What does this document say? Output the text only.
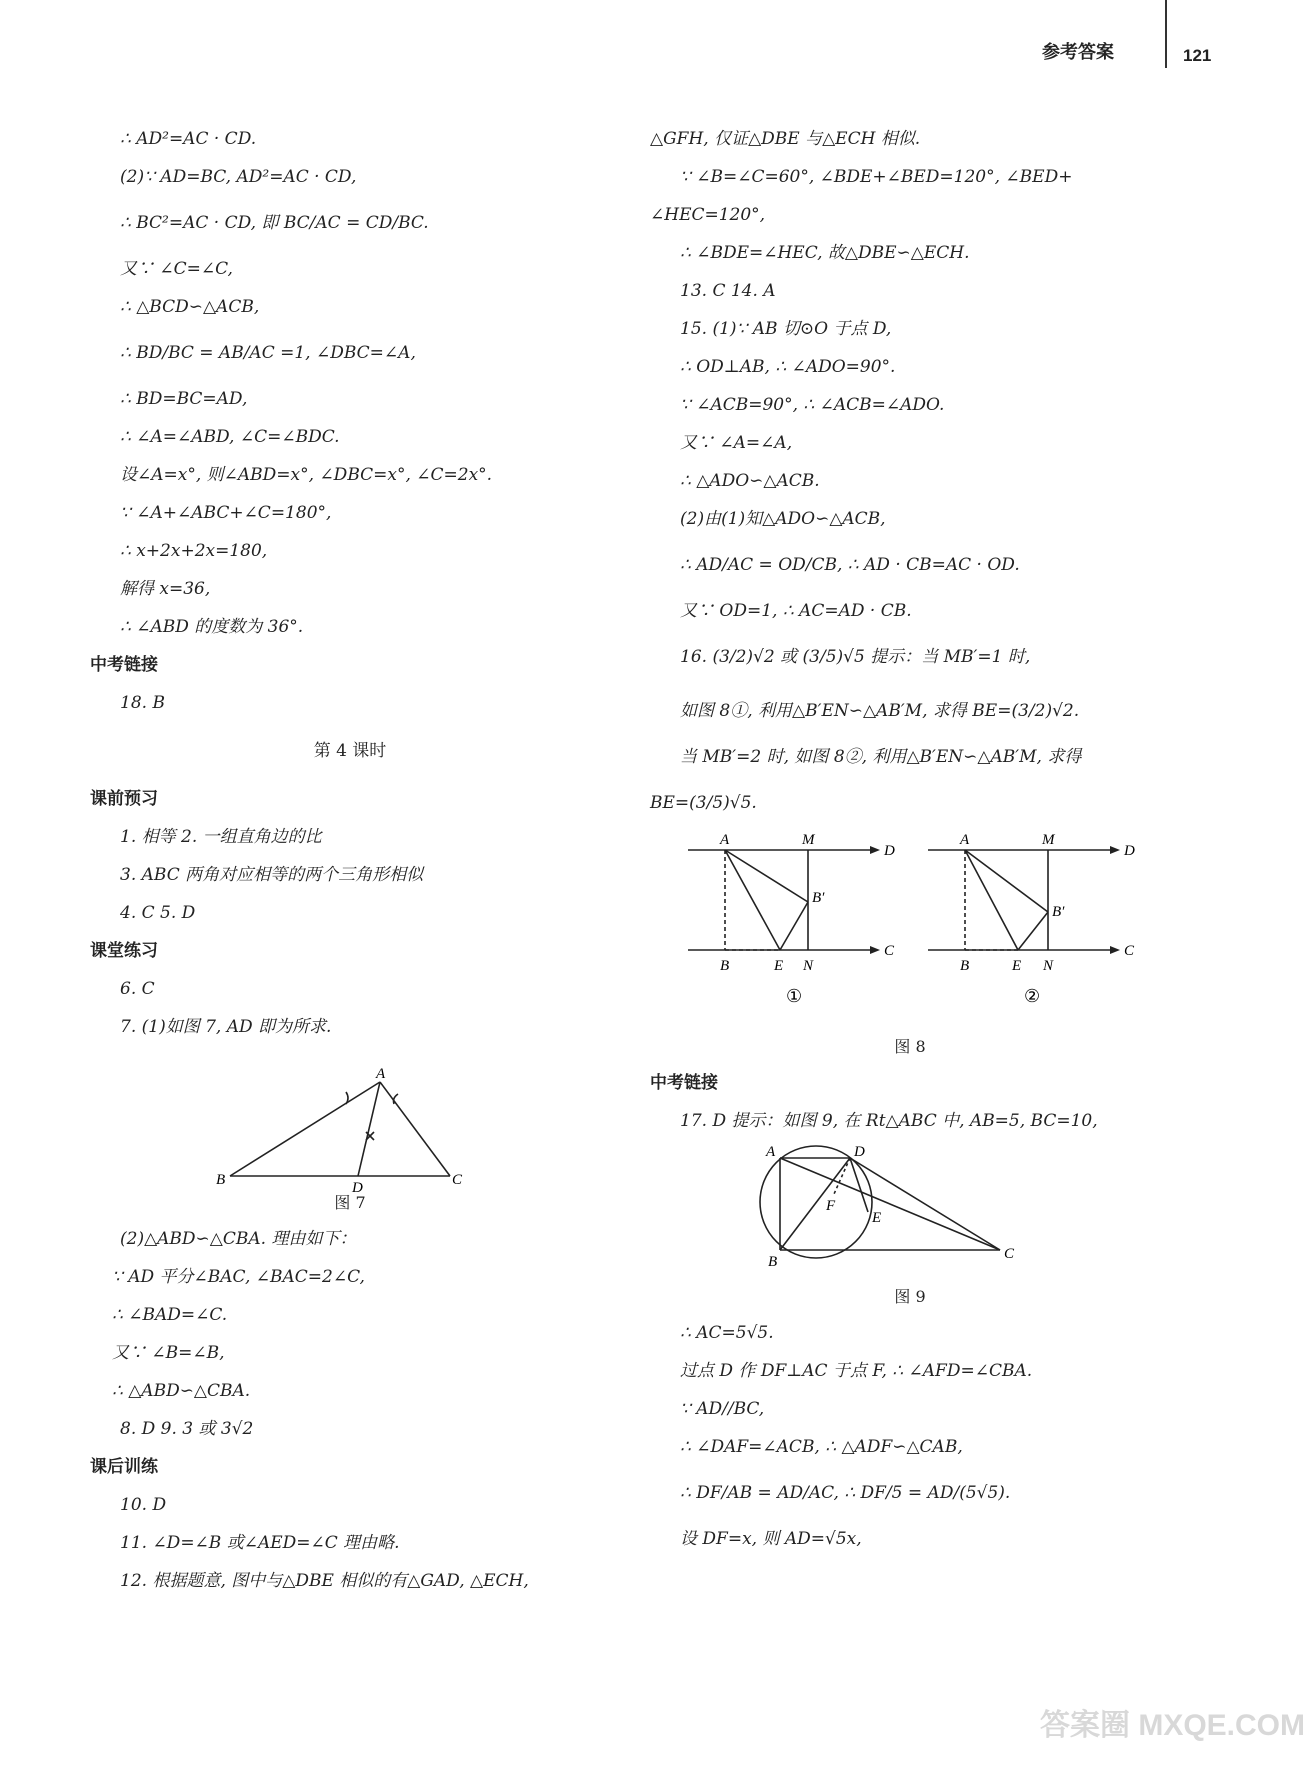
参考答案	121
∴ AD²=AC · CD.
(2)∵ AD=BC, AD²=AC · CD,
∴ BC²=AC · CD, 即 BC/AC = CD/BC.
又∵ ∠C=∠C,
∴ △BCD∽△ACB,
∴ BD/BC = AB/AC =1, ∠DBC=∠A,
∴ BD=BC=AD,
∴ ∠A=∠ABD, ∠C=∠BDC.
设∠A=x°, 则∠ABD=x°, ∠DBC=x°, ∠C=2x°.
∵ ∠A+∠ABC+∠C=180°,
∴ x+2x+2x=180,
解得 x=36,
∴ ∠ABD 的度数为 36°.
中考链接
18. B
第 4 课时
课前预习
1. 相等 2. 一组直角边的比
3. ABC 两角对应相等的两个三角形相似
4. C 5. D
课堂练习
6. C
7. (1)如图 7, AD 即为所求.
A
B	C
D
图 7
(2)△ABD∽△CBA. 理由如下：
∵ AD 平分∠BAC, ∠BAC=2∠C,
∴ ∠BAD=∠C.
又∵ ∠B=∠B,
∴ △ABD∽△CBA.
8. D 9. 3 或 3√2
课后训练
10. D
11. ∠D=∠B 或∠AED=∠C 理由略.
12. 根据题意, 图中与△DBE 相似的有△GAD, △ECH,
△GFH, 仅证△DBE 与△ECH 相似.
∵ ∠B=∠C=60°, ∠BDE+∠BED=120°, ∠BED+
∠HEC=120°,
∴ ∠BDE=∠HEC, 故△DBE∽△ECH.
13. C 14. A
15. (1)∵ AB 切⊙O 于点 D,
∴ OD⊥AB, ∴ ∠ADO=90°.
∵ ∠ACB=90°, ∴ ∠ACB=∠ADO.
又∵ ∠A=∠A,
∴ △ADO∽△ACB.
(2)由(1)知△ADO∽△ACB,
∴ AD/AC = OD/CB, ∴ AD · CB=AC · OD.
又∵ OD=1, ∴ AC=AD · CB.
16. (3/2)√2 或 (3/5)√5 提示：当 MB′=1 时,
如图 8①, 利用△B′EN∽△AB′M, 求得 BE=(3/2)√2.
当 MB′=2 时, 如图 8②, 利用△B′EN∽△AB′M, 求得
BE=(3/5)√5.
A	M
D
B′
B	E N
C
A	M
D
B′
B	E N
C
①	②
图 8
中考链接
17. D 提示：如图 9, 在 Rt△ABC 中, AB=5, BC=10,
A	D
F
E
B	C
图 9
∴ AC=5√5.
过点 D 作 DF⊥AC 于点 F, ∴ ∠AFD=∠CBA.
∵ AD//BC,
∴ ∠DAF=∠ACB, ∴ △ADF∽△CAB,
∴ DF/AB = AD/AC, ∴ DF/5 = AD/(5√5).
设 DF=x, 则 AD=√5x,
答案圈 MXQE.COM
